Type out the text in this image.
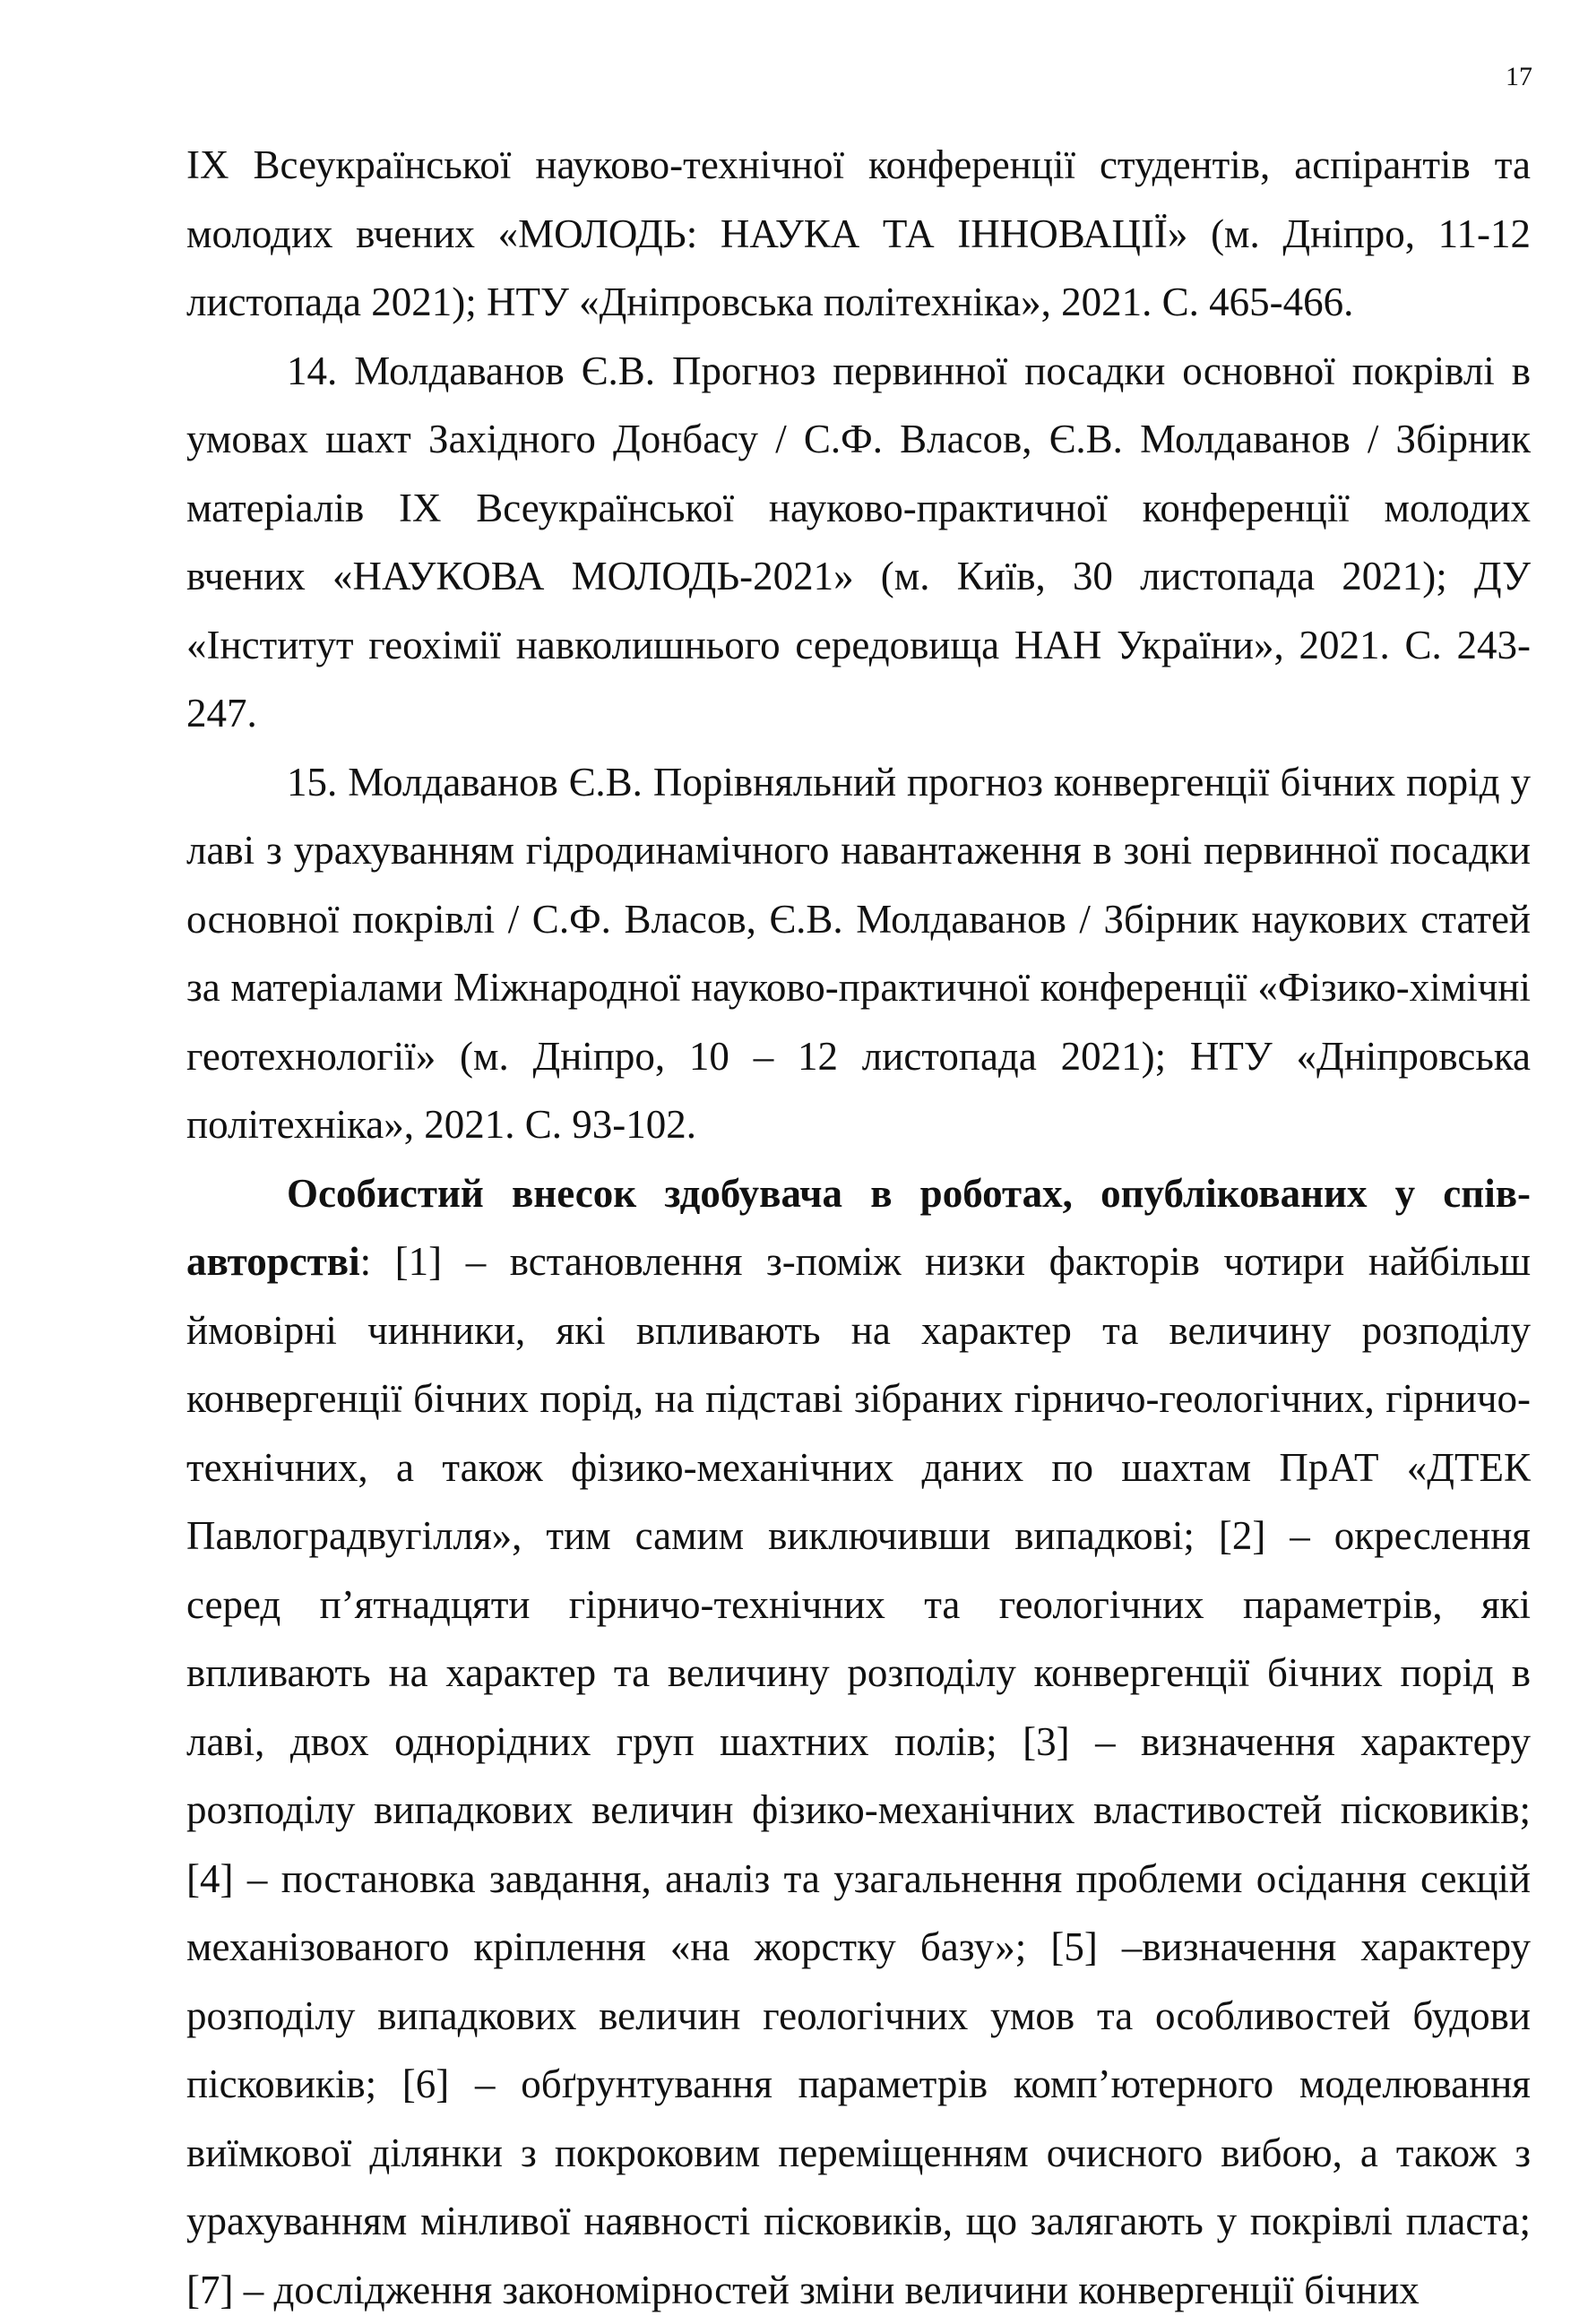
17

IX Всеукраїнської науково-технічної конференції студентів, аспірантів та молодих вчених «МОЛОДЬ: НАУКА ТА ІННОВАЦІЇ» (м. Дніпро, 11-12 листопада 2021); НТУ «Дніпровська політехніка», 2021. С. 465-466.

14. Молдаванов Є.В. Прогноз первинної посадки основної покрівлі в умовах шахт Західного Донбасу / С.Ф. Власов, Є.В. Молдаванов / Збірник матеріалів IX Всеукраїнської науково-практичної конференції молодих вчених «НАУКОВА МОЛОДЬ-2021» (м. Київ, 30 листопада 2021); ДУ «Інститут геохімії навколишнього середовища НАН України», 2021. С. 243-247.

15. Молдаванов Є.В. Порівняльний прогноз конвергенції бічних порід у лаві з урахуванням гідродинамічного навантаження в зоні первинної посадки основної покрівлі / С.Ф. Власов, Є.В. Молдаванов / Збірник наукових статей за матеріалами Міжнародної науково-практичної конференції «Фізико-хімічні геотехнології» (м. Дніпро, 10 – 12 листопада 2021); НТУ «Дніпровська політехніка», 2021. С. 93-102.

Особистий внесок здобувача в роботах, опублікованих у співавторстві: [1] – встановлення з-поміж низки факторів чотири найбільш ймовірні чинники, які впливають на характер та величину розподілу конвергенції бічних порід, на підставі зібраних гірничо-геологічних, гірничо-технічних, а також фізико-механічних даних по шахтам ПрАТ «ДТЕК Павлоградвугілля», тим самим виключивши випадкові; [2] – окреслення серед п’ятнадцяти гірничо-технічних та геологічних параметрів, які впливають на характер та величину розподілу конвергенції бічних порід в лаві, двох однорідних груп шахтних полів; [3] – визначення характеру розподілу випадкових величин фізико-механічних властивостей пісковиків; [4] – постановка завдання, аналіз та узагальнення проблеми осідання секцій механізованого кріплення «на жорстку базу»; [5] –визначення характеру розподілу випадкових величин геологічних умов та особливостей будови пісковиків; [6] – обґрунтування параметрів комп’ютерного моделювання виїмкової ділянки з покроковим переміщенням очисного вибою, а також з урахуванням мінливої наявності пісковиків, що залягають у покрівлі пласта; [7] – дослідження закономірностей зміни величини конвергенції бічних
